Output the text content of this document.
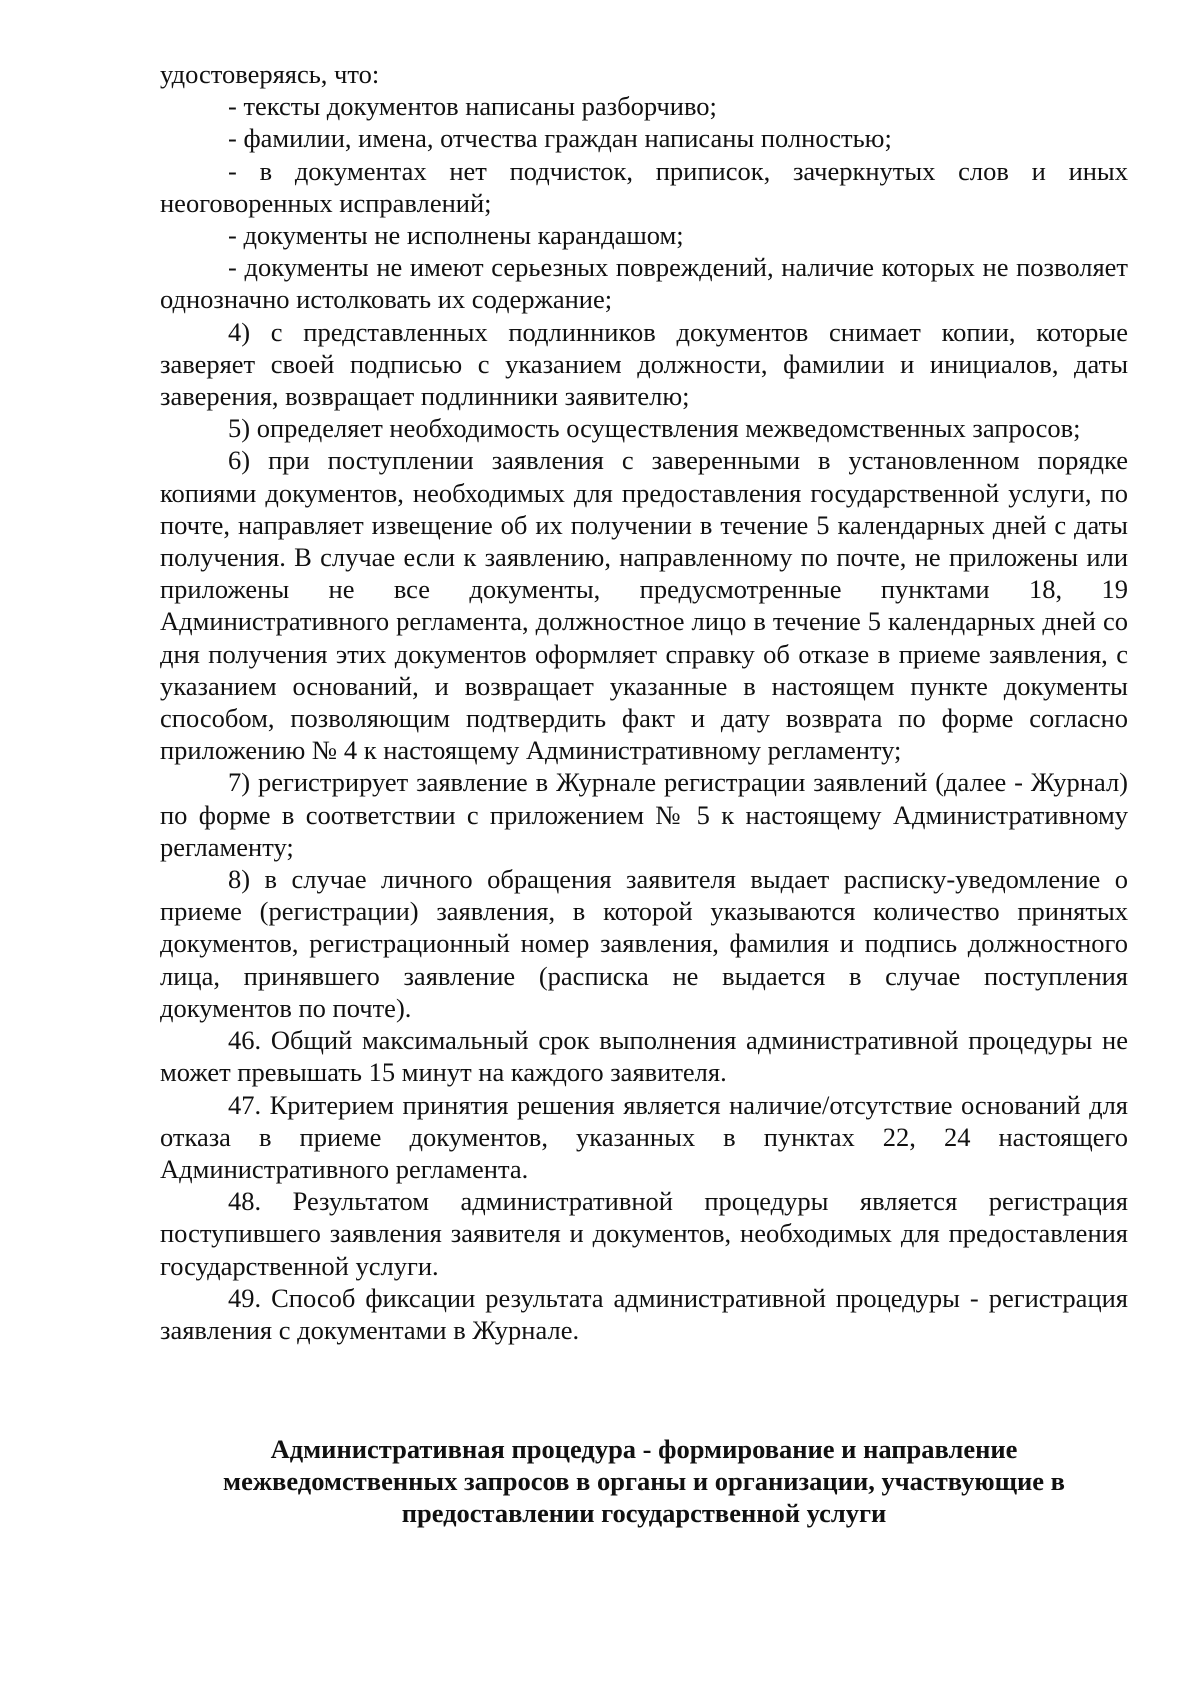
удостоверяясь, что:

- тексты документов написаны разборчиво;

- фамилии, имена, отчества граждан написаны полностью;

- в документах нет подчисток, приписок, зачеркнутых слов и иных неоговоренных исправлений;

- документы не исполнены карандашом;

- документы не имеют серьезных повреждений, наличие которых не позволяет однозначно истолковать их содержание;

4) с представленных подлинников документов снимает копии, которые заверяет своей подписью с указанием должности, фамилии и инициалов, даты заверения, возвращает подлинники заявителю;

5) определяет необходимость осуществления межведомственных запросов;

6) при поступлении заявления с заверенными в установленном порядке копиями документов, необходимых для предоставления государственной услуги, по почте, направляет извещение об их получении в течение 5 календарных дней с даты получения. В случае если к заявлению, направленному по почте, не приложены или приложены не все документы, предусмотренные пунктами 18, 19 Административного регламента, должностное лицо в течение 5 календарных дней со дня получения этих документов оформляет справку об отказе в приеме заявления, с указанием оснований, и возвращает указанные в настоящем пункте документы способом, позволяющим подтвердить факт и дату возврата по форме согласно приложению № 4 к настоящему Административному регламенту;

7) регистрирует заявление в Журнале регистрации заявлений (далее - Журнал) по форме в соответствии с приложением № 5 к настоящему Административному регламенту;

8) в случае личного обращения заявителя выдает расписку-уведомление о приеме (регистрации) заявления, в которой указываются количество принятых документов, регистрационный номер заявления, фамилия и подпись должностного лица, принявшего заявление (расписка не выдается в случае поступления документов по почте).

46. Общий максимальный срок выполнения административной процедуры не может превышать 15 минут на каждого заявителя.

47. Критерием принятия решения является наличие/отсутствие оснований для отказа в приеме документов, указанных в пунктах 22, 24 настоящего Административного регламента.

48. Результатом административной процедуры является регистрация поступившего заявления заявителя и документов, необходимых для предоставления государственной услуги.

49. Способ фиксации результата административной процедуры - регистрация заявления с документами в Журнале.

Административная процедура - формирование и направление
межведомственных запросов в органы и организации, участвующие в
предоставлении государственной услуги
